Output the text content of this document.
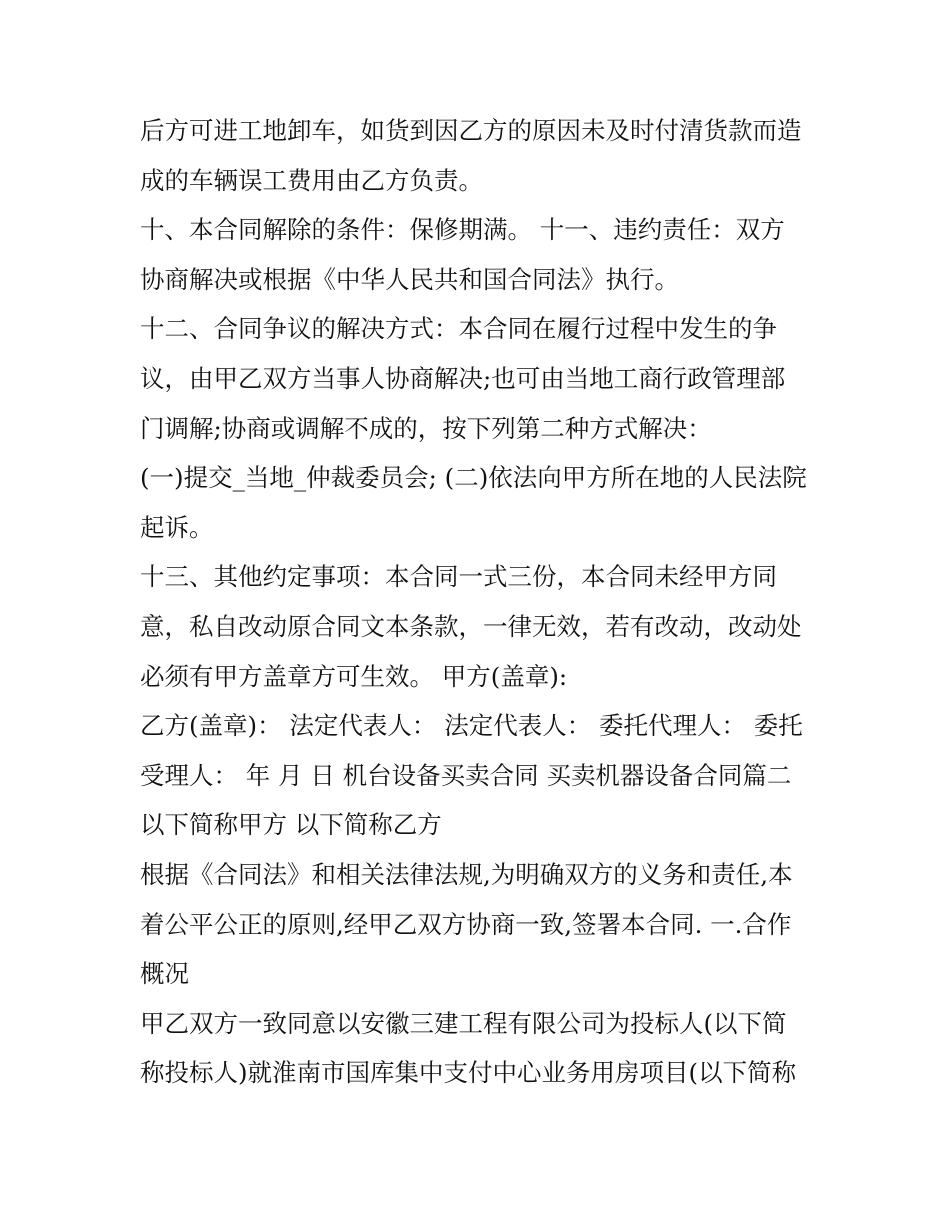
后方可进工地卸车，如货到因乙方的原因未及时付清货款而造
成的车辆误工费用由乙方负责。
十、本合同解除的条件：保修期满。 十一、违约责任：双方
协商解决或根据《中华人民共和国合同法》执行。
十二、合同争议的解决方式：本合同在履行过程中发生的争
议，由甲乙双方当事人协商解决;也可由当地工商行政管理部
门调解;协商或调解不成的，按下列第二种方式解决：
(一)提交_当地_仲裁委员会; (二)依法向甲方所在地的人民法院
起诉。
十三、其他约定事项：本合同一式三份，本合同未经甲方同
意，私自改动原合同文本条款，一律无效，若有改动，改动处
必须有甲方盖章方可生效。 甲方(盖章):
乙方(盖章)： 法定代表人： 法定代表人： 委托代理人： 委托
受理人： 年 月 日 机台设备买卖合同 买卖机器设备合同篇二
以下简称甲方 以下简称乙方
根据《合同法》和相关法律法规,为明确双方的义务和责任,本
着公平公正的原则,经甲乙双方协商一致,签署本合同. 一.合作
概况
甲乙双方一致同意以安徽三建工程有限公司为投标人(以下简
称投标人)就淮南市国库集中支付中心业务用房项目(以下简称
